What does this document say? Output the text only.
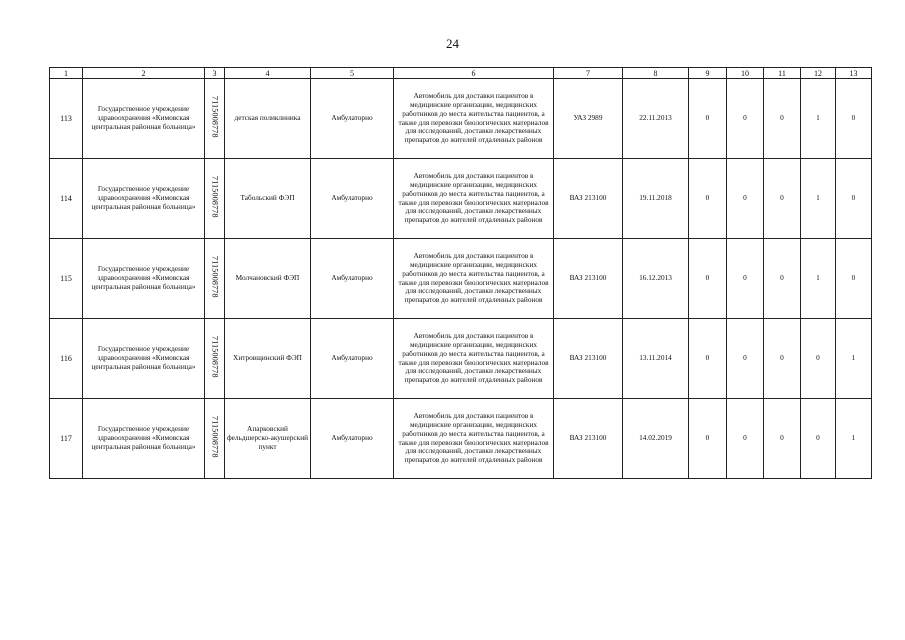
24
1	2	3	4	5	6	7	8	9	10	11	12	13
113	Государственное учреждение здравоохранения «Кимовская центральная районная больница»	7115008778	детская поликлиника	Амбулаторно	Автомобиль для доставки пациентов в медицинские организации, медицинских работников до места жительства пациентов, а также для перевозки биологических материалов для исследований, доставки лекарственных препаратов до жителей отдаленных районов	УАЗ 2989	22.11.2013	0	0	0	1	0
114	Государственное учреждение здравоохранения «Кимовская центральная районная больница»	7115008778	Табольский ФЭП	Амбулаторно	Автомобиль для доставки пациентов в медицинские организации, медицинских работников до места жительства пациентов, а также для перевозки биологических материалов для исследований, доставки лекарственных препаратов до жителей отдаленных районов	ВАЗ 213100	19.11.2018	0	0	0	1	0
115	Государственное учреждение здравоохранения «Кимовская центральная районная больница»	7115008778	Молчановский ФЭП	Амбулаторно	Автомобиль для доставки пациентов в медицинские организации, медицинских работников до места жительства пациентов, а также для перевозки биологических материалов для исследований, доставки лекарственных препаратов до жителей отдаленных районов	ВАЗ 213100	16.12.2013	0	0	0	1	0
116	Государственное учреждение здравоохранения «Кимовская центральная районная больница»	7115008778	Хитровщинский ФЭП	Амбулаторно	Автомобиль для доставки пациентов в медицинские организации, медицинских работников до места жительства пациентов, а также для перевозки биологических материалов для исследований, доставки лекарственных препаратов до жителей отдаленных районов	ВАЗ 213100	13.11.2014	0	0	0	0	1
117	Государственное учреждение здравоохранения «Кимовская центральная районная больница»	7115008778	Апарковский фельдшерско-акушерский пункт	Амбулаторно	Автомобиль для доставки пациентов в медицинские организации, медицинских работников до места жительства пациентов, а также для перевозки биологических материалов для исследований, доставки лекарственных препаратов до жителей отдаленных районов	ВАЗ 213100	14.02.2019	0	0	0	0	1
